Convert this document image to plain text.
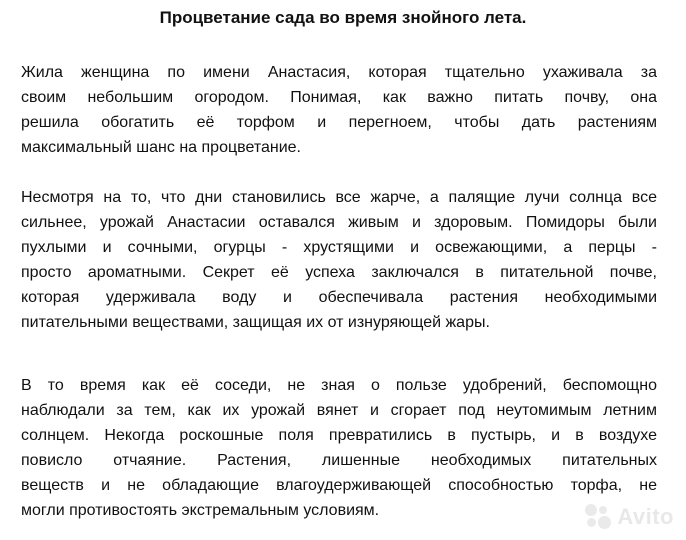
Процветание сада во время знойного лета.
Жила женщина по имени Анастасия, которая тщательно ухаживала за
своим небольшим огородом. Понимая, как важно питать почву, она
решила обогатить её торфом и перегноем, чтобы дать растениям
максимальный шанс на процветание.
Несмотря на то, что дни становились все жарче, а палящие лучи солнца все
сильнее, урожай Анастасии оставался живым и здоровым. Помидоры были
пухлыми и сочными, огурцы - хрустящими и освежающими, а перцы -
просто ароматными. Секрет её успеха заключался в питательной почве,
которая удерживала воду и обеспечивала растения необходимыми
питательными веществами, защищая их от изнуряющей жары.
В то время как её соседи, не зная о пользе удобрений, беспомощно
наблюдали за тем, как их урожай вянет и сгорает под неутомимым летним
солнцем. Некогда роскошные поля превратились в пустырь, и в воздухе
повисло отчаяние. Растения, лишенные необходимых питательных
веществ и не обладающие влагоудерживающей способностью торфа, не
могли противостоять экстремальным условиям.	Avito
